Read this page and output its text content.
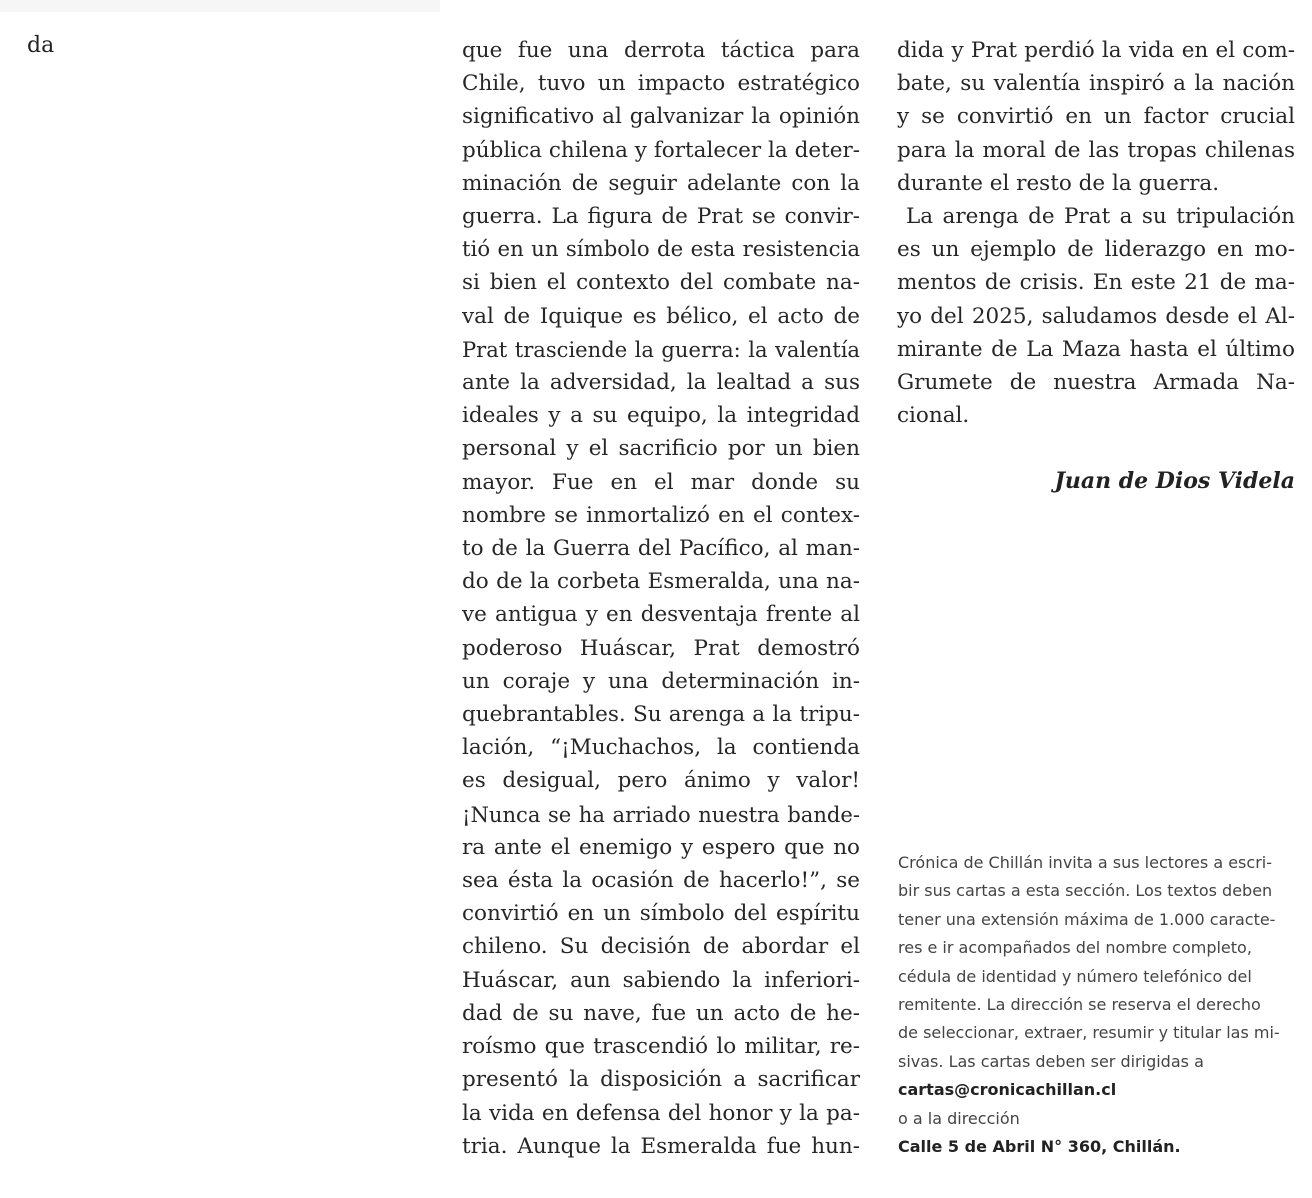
da	que fue una derrota táctica para
Chile, tuvo un impacto estratégico
significativo al galvanizar la opinión
pública chilena y fortalecer la deter-
minación de seguir adelante con la
guerra. La figura de Prat se convir-
tió en un símbolo de esta resistencia
si bien el contexto del combate na-
val de Iquique es bélico, el acto de
Prat trasciende la guerra: la valentía
ante la adversidad, la lealtad a sus
ideales y a su equipo, la integridad
personal y el sacrificio por un bien
mayor. Fue en el mar donde su
nombre se inmortalizó en el contex-
to de la Guerra del Pacífico, al man-
do de la corbeta Esmeralda, una na-
ve antigua y en desventaja frente al
poderoso Huáscar, Prat demostró
un coraje y una determinación in-
quebrantables. Su arenga a la tripu-
lación, “¡Muchachos, la contienda
es desigual, pero ánimo y valor!
¡Nunca se ha arriado nuestra bande-
ra ante el enemigo y espero que no
sea ésta la ocasión de hacerlo!”, se
convirtió en un símbolo del espíritu
chileno. Su decisión de abordar el
Huáscar, aun sabiendo la inferiori-
dad de su nave, fue un acto de he-
roísmo que trascendió lo militar, re-
presentó la disposición a sacrificar
la vida en defensa del honor y la pa-
tria. Aunque la Esmeralda fue hun-
dida y Prat perdió la vida en el com-
bate, su valentía inspiró a la nación
y se convirtió en un factor crucial
para la moral de las tropas chilenas
durante el resto de la guerra.
La arenga de Prat a su tripulación
es un ejemplo de liderazgo en mo-
mentos de crisis. En este 21 de ma-
yo del 2025, saludamos desde el Al-
mirante de La Maza hasta el último
Grumete de nuestra Armada Na-
cional.
Juan de Dios Videla
Crónica de Chillán invita a sus lectores a escri-
bir sus cartas a esta sección. Los textos deben
tener una extensión máxima de 1.000 caracte-
res e ir acompañados del nombre completo,
cédula de identidad y número telefónico del
remitente. La dirección se reserva el derecho
de seleccionar, extraer, resumir y titular las mi-
sivas. Las cartas deben ser dirigidas a
cartas@cronicachillan.cl
o a la dirección
Calle 5 de Abril N° 360, Chillán.
